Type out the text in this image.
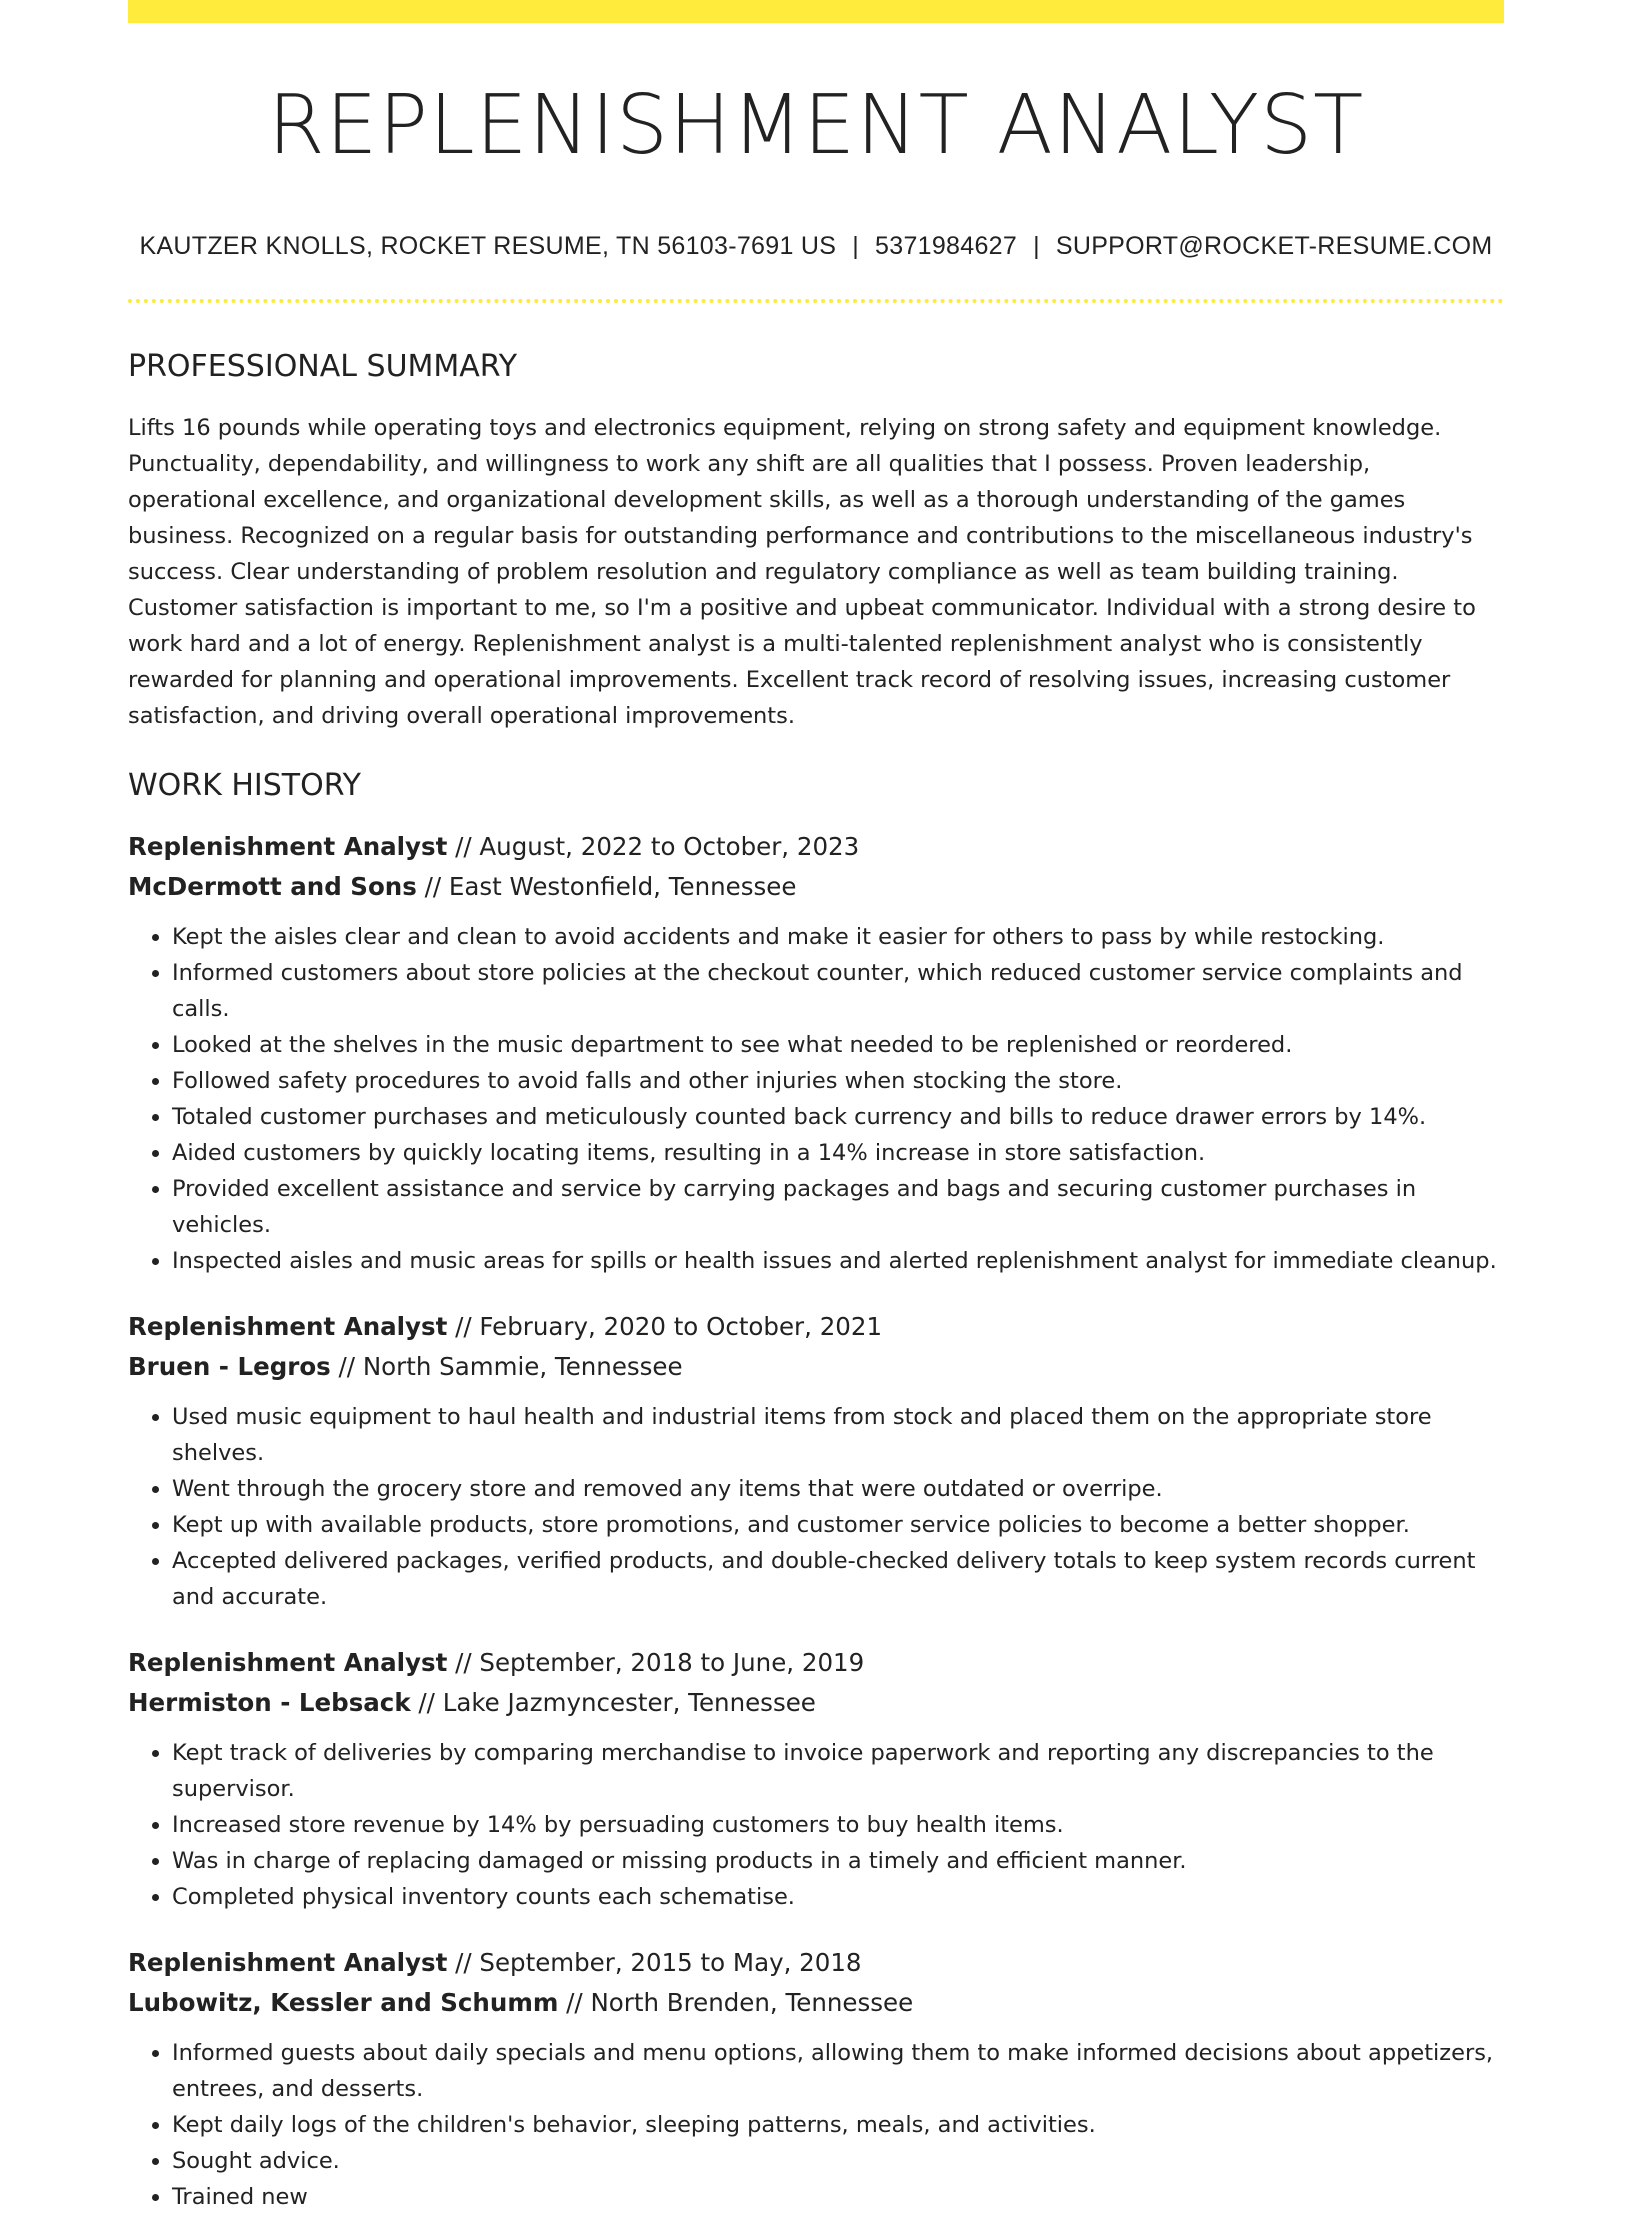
REPLENISHMENT ANALYST
KAUTZER KNOLLS, ROCKET RESUME, TN 56103-7691 US | 5371984627 | SUPPORT@ROCKET-RESUME.COM
PROFESSIONAL SUMMARY
Lifts 16 pounds while operating toys and electronics equipment, relying on strong safety and equipment knowledge. Punctuality, dependability, and willingness to work any shift are all qualities that I possess. Proven leadership, operational excellence, and organizational development skills, as well as a thorough understanding of the games business. Recognized on a regular basis for outstanding performance and contributions to the miscellaneous industry's success. Clear understanding of problem resolution and regulatory compliance as well as team building training. Customer satisfaction is important to me, so I'm a positive and upbeat communicator. Individual with a strong desire to work hard and a lot of energy. Replenishment analyst is a multi-talented replenishment analyst who is consistently rewarded for planning and operational improvements. Excellent track record of resolving issues, increasing customer satisfaction, and driving overall operational improvements.
WORK HISTORY
Replenishment Analyst // August, 2022 to October, 2023
McDermott and Sons // East Westonfield, Tennessee
• Kept the aisles clear and clean to avoid accidents and make it easier for others to pass by while restocking.
• Informed customers about store policies at the checkout counter, which reduced customer service complaints and calls.
• Looked at the shelves in the music department to see what needed to be replenished or reordered.
• Followed safety procedures to avoid falls and other injuries when stocking the store.
• Totaled customer purchases and meticulously counted back currency and bills to reduce drawer errors by 14%.
• Aided customers by quickly locating items, resulting in a 14% increase in store satisfaction.
• Provided excellent assistance and service by carrying packages and bags and securing customer purchases in vehicles.
• Inspected aisles and music areas for spills or health issues and alerted replenishment analyst for immediate cleanup.
Replenishment Analyst // February, 2020 to October, 2021
Bruen - Legros // North Sammie, Tennessee
• Used music equipment to haul health and industrial items from stock and placed them on the appropriate store shelves.
• Went through the grocery store and removed any items that were outdated or overripe.
• Kept up with available products, store promotions, and customer service policies to become a better shopper.
• Accepted delivered packages, verified products, and double-checked delivery totals to keep system records current and accurate.
Replenishment Analyst // September, 2018 to June, 2019
Hermiston - Lebsack // Lake Jazmyncester, Tennessee
• Kept track of deliveries by comparing merchandise to invoice paperwork and reporting any discrepancies to the supervisor.
• Increased store revenue by 14% by persuading customers to buy health items.
• Was in charge of replacing damaged or missing products in a timely and efficient manner.
• Completed physical inventory counts each schematise.
Replenishment Analyst // September, 2015 to May, 2018
Lubowitz, Kessler and Schumm // North Brenden, Tennessee
• Informed guests about daily specials and menu options, allowing them to make informed decisions about appetizers, entrees, and desserts.
• Kept daily logs of the children's behavior, sleeping patterns, meals, and activities.
• Sought advice.
• Trained new
